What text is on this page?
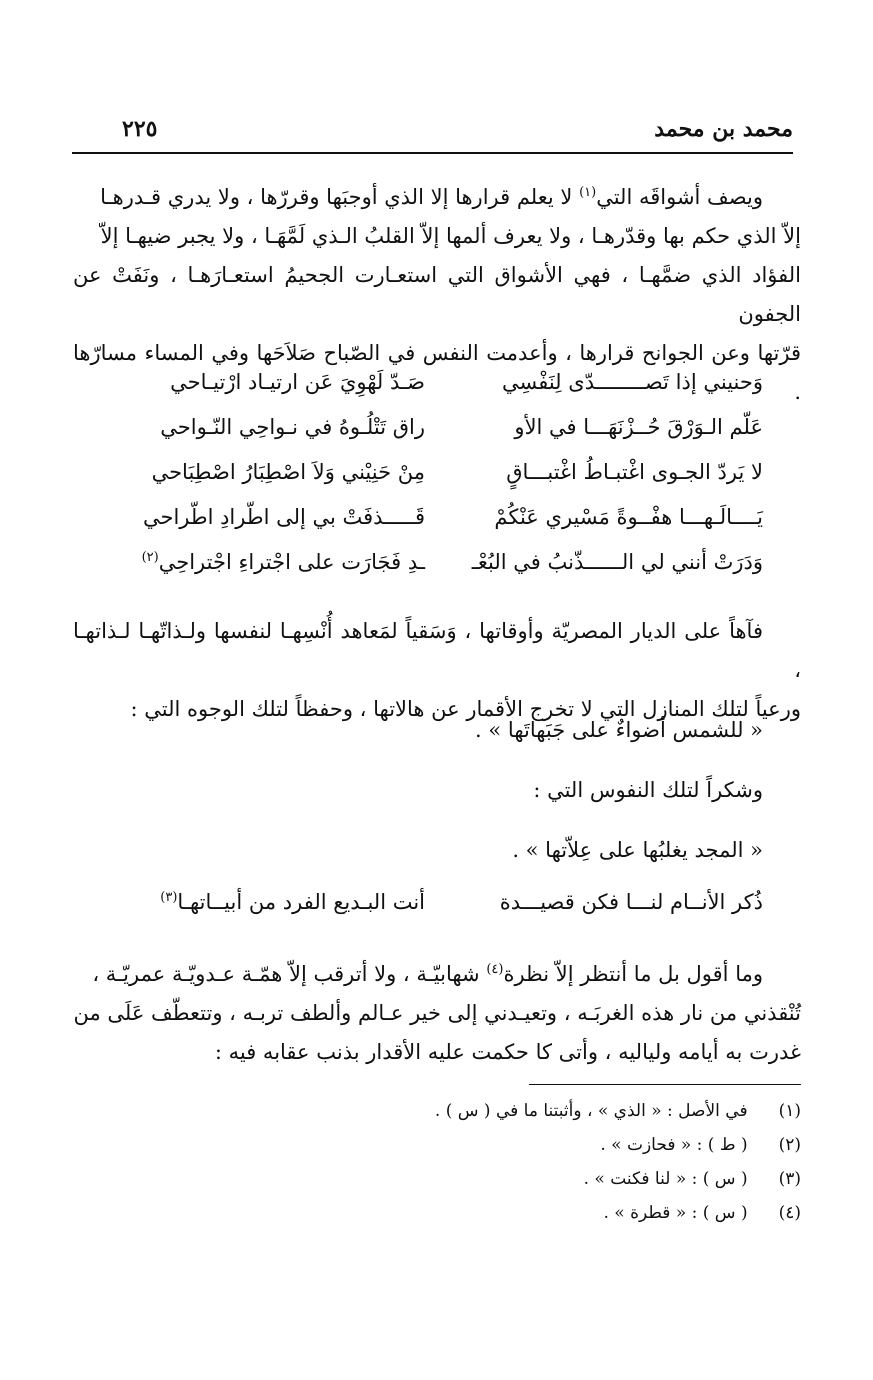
محمد بن محمد
٢٢٥
ويصف أشواقَه التي$^{(١)}$ لا يعلم قرارها إلا الذي أوجبَها وقررّها ، ولا يدري قـدرهـا
إلاّ الذي حكم بها وقدّرهـا ، ولا يعرف ألمها إلاّ القلبُ الـذي لَمَّهَـا ، ولا يجبر ضيهـا إلاّ
الفؤاد الذي ضمَّهـا ، فهي الأشواق التي استعـارت الجحيمُ استعـارَهـا ، ونَفَتْ عن الجفون
قرّتها وعن الجوانح قرارها ، وأعدمت النفس في الصّباح صَلاَحَها وفي المساء مسارّها .
وَحنيني إذا تَصــــــــدّى لِنَفْسِي
صَـدّ لَهْوِيَ عَن ارتيـاد ارْتيـاحي
عَلّم الـوَرْقَ حُــزْنَهَـــا في الأو
راق تَتْلُـوهُ في نـواحِي النّـواحي
لا يَردّ الجـوى اغْتبـاطُ اغْتبـــاقٍ
مِنْ حَنِيْني وَلاَ اصْطِبَارُ اصْطِبَاحي
يَــــالَـهـــا هفْــوةً مَسْيري عَنْكُمْ
قَـــــذفَتْ بي إلى اطّرادِ اطّراحي
وَدَرَتْ أنني لي الــــــذّنبُ في البُعْـ
ـدِ فَجَارَت على اجْتراءِ اجْتراحِي$^{(٢)}$
فآهاً على الديار المصريّة وأوقاتها ، وَسَقياً لمَعاهد أُنْسِهـا لنفسها ولـذاتّهـا لـذاتهـا ،
ورعياً لتلك المنازل التي لا تخرج الأقمار عن هالاتها ، وحفظاً لتلك الوجوه التي :
« للشمس أضواءٌ على جَبَهاتَها » .
وشكراً لتلك النفوس التي :
« المجد يغلبُها على عِلاّتها » .
ذُكر الأنــام لنـــا فكن قصيـــدة
أنت البـديع الفرد من أبيــاتهـا$^{(٣)}$
وما أقول بل ما أنتظر إلاّ نظرة$^{(٤)}$ شهابيّـة ، ولا أترقب إلاّ همّـة عـدويّـة عمريّـة ،
تُنْقذني من نار هذه الغربَـه ، وتعيـدني إلى خير عـالم وألطف تربـه ، وتتعطّف عَلَى من
غدرت به أيامه ولياليه ، وأتى كا حكمت عليه الأقدار بذنب عقابه فيه :
(١) في الأصل : « الذي » ، وأثبتنا ما في ( س ) .
(٢) ( ط ) : « فحازت » .
(٣) ( س ) : « لنا فكنت » .
(٤) ( س ) : « قطرة » .
